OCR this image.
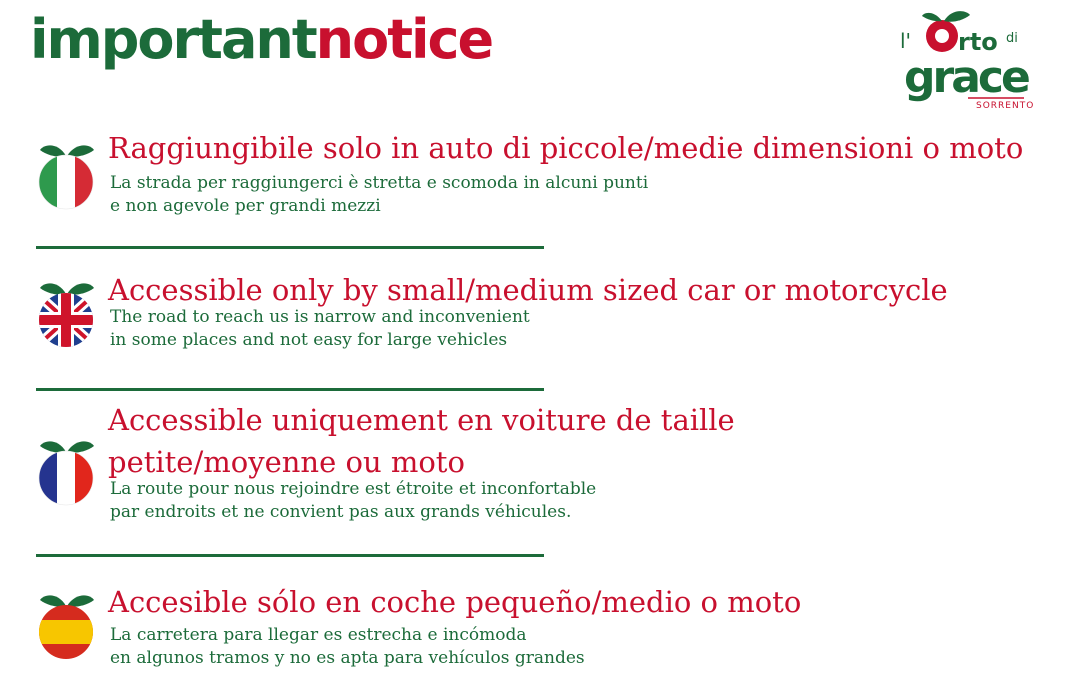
importantnotice	l' rto di
grace
SORRENTO
Raggiungibile solo in auto di piccole/medie dimensioni o moto
La strada per raggiungerci è stretta e scomoda in alcuni punti
e non agevole per grandi mezzi
Accessible only by small/medium sized car or motorcycle
The road to reach us is narrow and inconvenient
in some places and not easy for large vehicles
Accessible uniquement en voiture de taille
petite/moyenne ou moto
La route pour nous rejoindre est étroite et inconfortable
par endroits et ne convient pas aux grands véhicules.
Accesible sólo en coche pequeño/medio o moto
La carretera para llegar es estrecha e incómoda
en algunos tramos y no es apta para vehículos grandes
